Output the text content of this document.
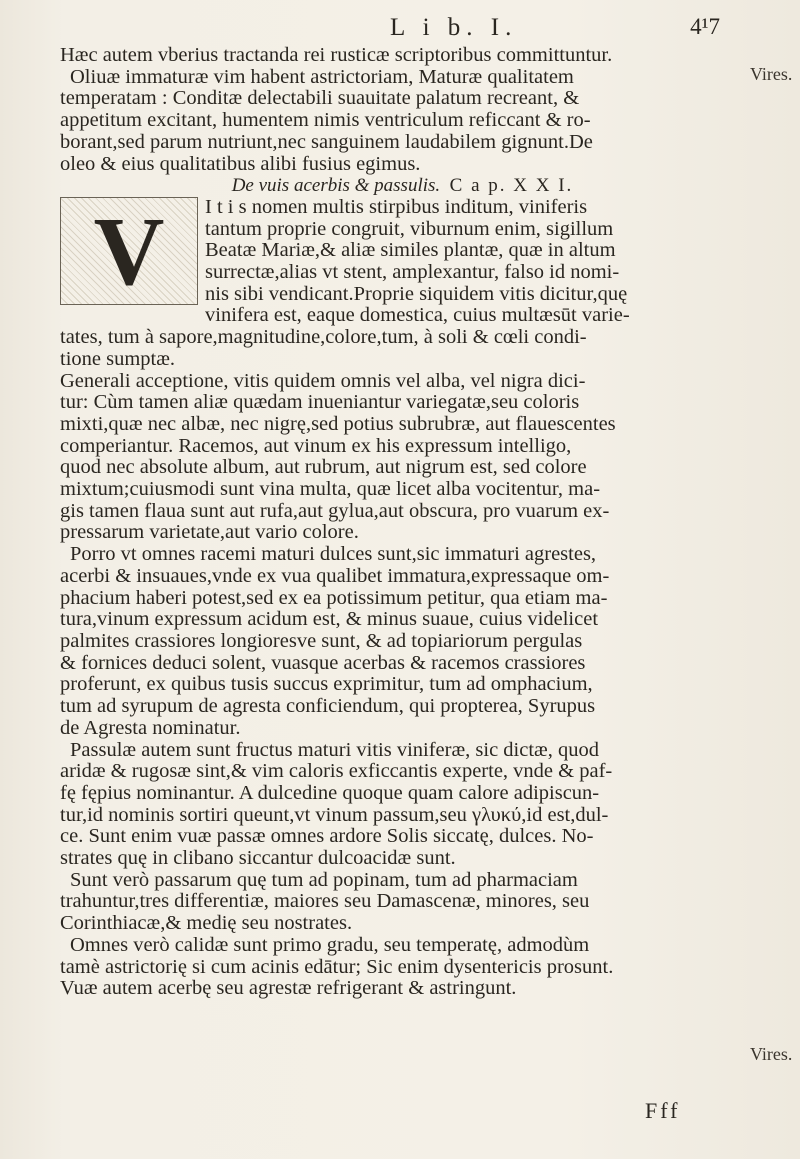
L i b. I.	4¹7

Hæc autem vberius tractanda rei rusticæ scriptoribus committuntur.
Oliuæ immaturæ vim habent astrictoriam, Maturæ qualitatem
temperatam : Conditæ delectabili suauitate palatum recreant, &
appetitum excitant, humentem nimis ventriculum reficcant & ro-
borant,sed parum nutriunt,nec sanguinem laudabilem gignunt.De
oleo & eius qualitatibus alibi fusius egimus.

De vuis acerbis & passulis. C a p. X X I.

V	I t i s nomen multis stirpibus inditum, viniferis
tantum proprie congruit, viburnum enim, sigillum
Beatæ Mariæ,& aliæ similes plantæ, quæ in altum
surrectæ,alias vt stent, amplexantur, falso id nomi-
nis sibi vendicant.Proprie siquidem vitis dicitur,quę

vinifera est, eaque domestica, cuius multæsūt varie-
tates, tum à sapore,magnitudine,colore,tum, à soli & cœli condi-
tione sumptæ.

Generali acceptione, vitis quidem omnis vel alba, vel nigra dici-
tur: Cùm tamen aliæ quædam inueniantur variegatæ,seu coloris
mixti,quæ nec albæ, nec nigrę,sed potius subrubræ, aut flauescentes
comperiantur. Racemos, aut vinum ex his expressum intelligo,
quod nec absolute album, aut rubrum, aut nigrum est, sed colore
mixtum;cuiusmodi sunt vina multa, quæ licet alba vocitentur, ma-
gis tamen flaua sunt aut rufa,aut gylua,aut obscura, pro vuarum ex-
pressarum varietate,aut vario colore.

Porro vt omnes racemi maturi dulces sunt,sic immaturi agrestes,
acerbi & insuaues,vnde ex vua qualibet immatura,expressaque om-
phacium haberi potest,sed ex ea potissimum petitur, qua etiam ma-
tura,vinum expressum acidum est, & minus suaue, cuius videlicet
palmites crassiores longioresve sunt, & ad topiariorum pergulas
& fornices deduci solent, vuasque acerbas & racemos crassiores
proferunt, ex quibus tusis succus exprimitur, tum ad omphacium,
tum ad syrupum de agresta conficiendum, qui propterea, Syrupus
de Agresta nominatur.

Passulæ autem sunt fructus maturi vitis viniferæ, sic dictæ, quod
aridæ & rugosæ sint,& vim caloris exficcantis experte, vnde & paf-
fę fępius nominantur. A dulcedine quoque quam calore adipiscun-
tur,id nominis sortiri queunt,vt vinum passum,seu γλυκύ,id est,dul-
ce. Sunt enim vuæ passæ omnes ardore Solis siccatę, dulces. No-
strates quę in clibano siccantur dulcoacidæ sunt.

Sunt verò passarum quę tum ad popinam, tum ad pharmaciam
trahuntur,tres differentiæ, maiores seu Damascenæ, minores, seu
Corinthiacæ,& medię seu nostrates.

Omnes verò calidæ sunt primo gradu, seu temperatę, admodùm
tamè astrictorię si cum acinis edātur; Sic enim dysentericis prosunt.
Vuæ autem acerbę seu agrestæ refrigerant & astringunt.

Vires.
Vires.
Fff
